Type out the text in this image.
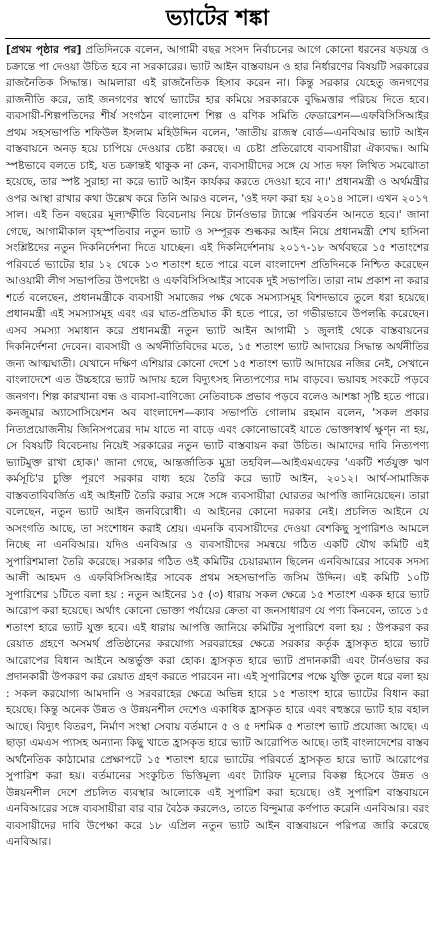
ভ্যাটের শঙ্কা

[প্রথম পৃষ্ঠার পর] প্রতিদিনকে বলেন, আগামী বছর সংসদ নির্বাচনের আগে কোনো ধরনের ষড়যন্ত্র ও চক্রান্তে পা দেওয়া উচিত হবে না সরকারের। ভ্যাট আইন বাস্তবায়ন ও হার নির্ধারণের বিষয়টি সরকারের রাজনৈতিক সিদ্ধান্ত। আমলারা এই রাজনৈতিক হিসাব করেন না। কিন্তু সরকার যেহেতু জনগণের রাজনীতি করে, তাই জনগণের স্বার্থে ভ্যাটের হার কমিয়ে সরকারকে বুদ্ধিমত্তার পরিচয় দিতে হবে। ব্যবসায়ী-শিল্পপতিদের শীর্ষ সংগঠন বাংলাদেশ শিল্প ও বণিক সমিতি ফেডারেশন—এফবিসিসিআইর প্রথম সহসভাপতি শফিউল ইসলাম মহিউদ্দিন বলেন, 'জাতীয় রাজস্ব বোর্ড—এনবিআর ভ্যাট আইন বাস্তবায়নে অনড় হয়ে চাপিয়ে দেওয়ার চেষ্টা করছে। এ চেষ্টা প্রতিরোধে ব্যবসায়ীরা ঐক্যবদ্ধ। আমি স্পষ্টভাবে বলতে চাই, যত চক্রান্তই থাকুক না কেন, ব্যবসায়ীদের সঙ্গে যে সাত দফা লিখিত সমঝোতা হয়েছে, তার স্পষ্ট সুরাহা না করে ভ্যাট আইন কার্যকর করতে দেওয়া হবে না।' প্রধানমন্ত্রী ও অর্থমন্ত্রীর ওপর আস্থা রাখার কথা উল্লেখ করে তিনি আরও বলেন, 'ওই দফা করা হয় ২০১৪ সালে। এখন ২০১৭ সাল। এই তিন বছরের মূল্যস্ফীতি বিবেচনায় নিয়ে টার্নওভার ট্যাক্সে পরিবর্তন আনতে হবে।' জানা গেছে, আগামীকাল বৃহস্পতিবার নতুন ভ্যাট ও সম্পূরক শুল্ককর আইন নিয়ে প্রধানমন্ত্রী শেখ হাসিনা সংশ্লিষ্টদের নতুন দিকনির্দেশনা দিতে যাচ্ছেন। এই দিকনির্দেশনায় ২০১৭-১৮ অর্থবছরে ১৫ শতাংশের পরিবর্তে ভ্যাটের হার ১২ থেকে ১৩ শতাংশ হতে পারে বলে বাংলাদেশ প্রতিদিনকে নিশ্চিত করেছেন আওয়ামী লীগ সভাপতির উপদেষ্টা ও এফবিসিসিআইর সাবেক দুই সভাপতি। তারা নাম প্রকাশ না করার শর্তে বলেছেন, প্রধানমন্ত্রীকে ব্যবসায়ী সমাজের পক্ষ থেকে সমস্যাসমূহ বিশদভাবে তুলে ধরা হয়েছে। প্রধানমন্ত্রী এই সমস্যাসমূহ এবং এর ঘাত-প্রতিঘাত কী হতে পারে, তা গভীরভাবে উপলব্ধি করেছেন। এসব সমস্যা সমাধান করে প্রধানমন্ত্রী নতুন ভ্যাট আইন আগামী ১ জুলাই থেকে বাস্তবায়নের দিকনির্দেশনা দেবেন। ব্যবসায়ী ও অর্থনীতিবিদের মতে, ১৫ শতাংশ ভ্যাট আদায়ের সিদ্ধান্ত অর্থনীতির জন্য আত্মঘাতী। যেখানে দক্ষিণ এশিয়ার কোনো দেশে ১৫ শতাংশ ভ্যাট আদায়ের নজির নেই, সেখানে বাংলাদেশে এত উচ্চহারে ভ্যাট আদায় হলে বিদ্যুৎসহ নিত্যপণ্যের দাম বাড়বে। ভয়াবহ সংকটে পড়বে জনগণ। শিল্প কারখানা বন্ধ ও ব্যবসা-বাণিজ্যে নেতিবাচক প্রভাব পড়বে বলেও আশঙ্কা সৃষ্টি হতে পারে। কনজুমার অ্যাসোসিয়েশন অব বাংলাদেশ—ক্যাব সভাপতি গোলাম রহমান বলেন, 'সকল প্রকার নিত্যপ্রয়োজনীয় জিনিসপত্রের দাম যাতে না বাড়ে এবং কোনোভাবেই যাতে ভোক্তাস্বার্থ ক্ষুণ্ন না হয়, সে বিষয়টি বিবেচনায় নিয়েই সরকারের নতুন ভ্যাট বাস্তবায়ন করা উচিত। আমাদের দাবি নিত্যপণ্য ভ্যাটমুক্ত রাখা হোক।' জানা গেছে, আন্তর্জাতিক মুদ্রা তহবিল—আইএমএফের 'একটি শর্তযুক্ত ঋণ কর্মসূচি'র চুক্তি পূরণে সরকার বাধ্য হয়ে তৈরি করে ভ্যাট আইন, ২০১২। আর্থ-সামাজিক বাস্তবতাবিবর্জিত এই আইনটি তৈরি করার সঙ্গে সঙ্গে ব্যবসায়ীরা ঘোরতর আপত্তি জানিয়েছেন। তারা বলেছেন, নতুন ভ্যাট আইন জনবিরোধী। এ আইনের কোনো দরকার নেই। প্রচলিত আইনে যে অসংগতি আছে, তা সংশোধন করাই শ্রেয়। এমনকি ব্যবসায়ীদের দেওয়া বেশকিছু সুপারিশও আমলে নিচ্ছে না এনবিআর। যদিও এনবিআর ও ব্যবসায়ীদের সমন্বয়ে গঠিত একটি যৌথ কমিটি এই সুপারিশমালা তৈরি করেছে। সরকার গঠিত ওই কমিটির চেয়ারম্যান ছিলেন এনবিআরের সাবেক সদস্য আলী আহমদ ও এফবিসিসিআইর সাবেক প্রথম সহসভাপতি জসিম উদ্দিন। এই কমিটি ১০টি সুপারিশের ১টিতে বলা হয় : নতুন আইনের ১৫ (৩) ধারায় সকল ক্ষেত্রে ১৫ শতাংশ একক হারে ভ্যাট আরোপ করা হয়েছে। অর্থাৎ কোনো ভোক্তা পর্যায়ের ক্রেতা বা জনসাধারণ যে পণ্য কিনবেন, তাতে ১৫ শতাংশ হারে ভ্যাট যুক্ত হবে। এই ধারায় আপত্তি জানিয়ে কমিটির সুপারিশে বলা হয় : উপকরণ কর রেয়াত গ্রহণে অসমর্থ প্রতিষ্ঠানের করযোগ্য সরবরাহের ক্ষেত্রে সরকার কর্তৃক হ্রাসকৃত হারে ভ্যাট আরোপের বিধান আইনে অন্তর্ভুক্ত করা হোক। হ্রাসকৃত হারে ভ্যাট প্রদানকারী এবং টার্নওভার কর প্রদানকারী উপকরণ কর রেয়াত গ্রহণ করতে পারবেন না। এই সুপারিশের পক্ষে যুক্তি তুলে ধরে বলা হয় : সকল করযোগ্য আমদানি ও সরবরাহের ক্ষেত্রে অভিন্ন হারে ১৫ শতাংশ হারে ভ্যাটের বিধান করা হয়েছে। কিন্তু অনেক উন্নত ও উন্নয়নশীল দেশেও একাধিক হ্রাসকৃত হারে এবং বহুস্তরে ভ্যাট হার বহাল আছে। বিদ্যুৎ বিতরণ, নির্মাণ সংস্থা সেবায় বর্তমানে ৫ ও ৫ দশমিক ৫ শতাংশ ভ্যাট প্রযোজ্য আছে। এ ছাড়া এমএস প্যাসহ অন্যান্য কিছু খাতে হ্রাসকৃত হারে ভ্যাট আরোপিত আছে। তাই বাংলাদেশের বাস্তব অর্থনৈতিক কাঠামোর প্রেক্ষাপটে ১৫ শতাংশ হারে ভ্যাটের পরিবর্তে হ্রাসকৃত হারে ভ্যাট আরোপের সুপারিশ করা হয়। বর্তমানের সংকুচিত ভিত্তিমূল্য এবং ট্যারিফ মূল্যের বিকল্প হিসেবে উন্নত ও উন্নয়নশীল দেশে প্রচলিত ব্যবস্থার আলোকে এই সুপারিশ করা হয়েছে। ওই সুপারিশ বাস্তবায়নে এনবিআরের সঙ্গে ব্যবসায়ীরা বার বার বৈঠক করলেও, তাতে বিন্দুমাত্র কর্ণপাত করেনি এনবিআর। বরং ব্যবসায়ীদের দাবি উপেক্ষা করে ১৮ এপ্রিল নতুন ভ্যাট আইন বাস্তবায়নে পরিপত্র জারি করেছে এনবিআর।
